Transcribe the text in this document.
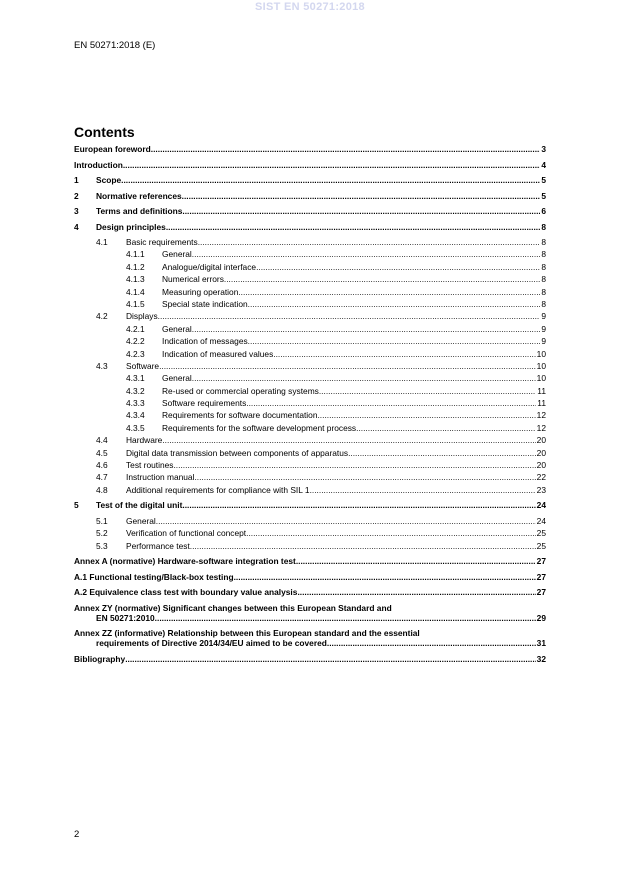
SIST EN 50271:2018
EN 50271:2018 (E)
Contents
European foreword .....	3
Introduction .....	4
1	Scope .....	5
2	Normative references .....	5
3	Terms and definitions .....	6
4	Design principles .....	8
4.1	Basic requirements .....	8
4.1.1	General .....	8
4.1.2	Analogue/digital interface .....	8
4.1.3	Numerical errors .....	8
4.1.4	Measuring operation .....	8
4.1.5	Special state indication .....	8
4.2	Displays .....	9
4.2.1	General .....	9
4.2.2	Indication of messages .....	9
4.2.3	Indication of measured values .....	10
4.3	Software .....	10
4.3.1	General .....	10
4.3.2	Re-used or commercial operating systems .....	11
4.3.3	Software requirements .....	11
4.3.4	Requirements for software documentation .....	12
4.3.5	Requirements for the software development process .....	12
4.4	Hardware .....	20
4.5	Digital data transmission between components of apparatus .....	20
4.6	Test routines .....	20
4.7	Instruction manual .....	22
4.8	Additional requirements for compliance with SIL 1 .....	23
5	Test of the digital unit .....	24
5.1	General .....	24
5.2	Verification of functional concept .....	25
5.3	Performance test .....	25
Annex A (normative) Hardware-software integration test .....	27
A.1 Functional testing/Black-box testing .....	27
A.2 Equivalence class test with boundary value analysis .....	27
Annex ZY (normative) Significant changes between this European Standard and
EN 50271:2010 .....	29
Annex ZZ (informative) Relationship between this European standard and the essential
requirements of Directive 2014/34/EU aimed to be covered .....	31
Bibliography .....	32
2
